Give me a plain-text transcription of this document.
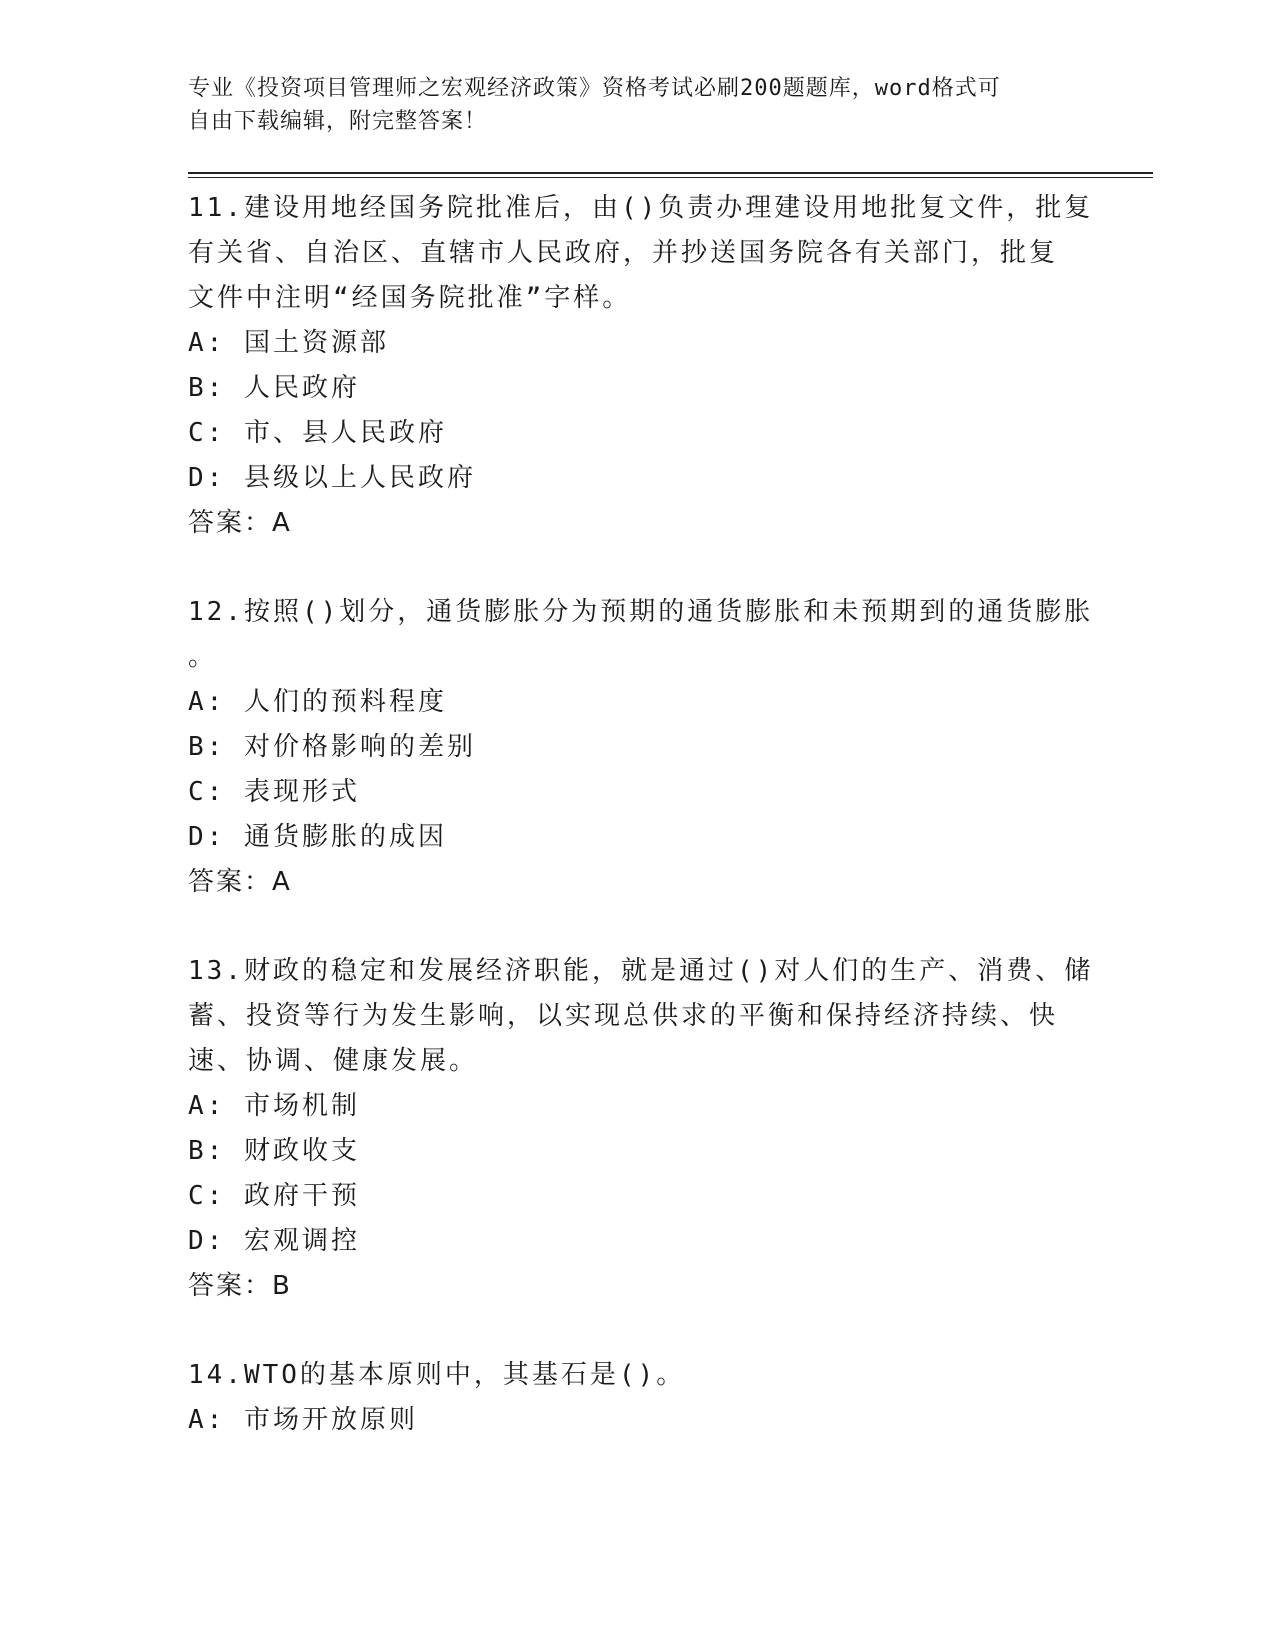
专业《投资项目管理师之宏观经济政策》资格考试必刷200题题库，word格式可

自由下载编辑，附完整答案！

11.建设用地经国务院批准后，由()负责办理建设用地批复文件，批复

有关省、自治区、直辖市人民政府，并抄送国务院各有关部门，批复

文件中注明“经国务院批准”字样。

A: 国土资源部

B: 人民政府

C: 市、县人民政府

D: 县级以上人民政府

答案：A

12.按照()划分，通货膨胀分为预期的通货膨胀和未预期到的通货膨胀

。

A: 人们的预料程度

B: 对价格影响的差别

C: 表现形式

D: 通货膨胀的成因

答案：A

13.财政的稳定和发展经济职能，就是通过()对人们的生产、消费、储

蓄、投资等行为发生影响，以实现总供求的平衡和保持经济持续、快

速、协调、健康发展。

A: 市场机制

B: 财政收支

C: 政府干预

D: 宏观调控

答案：B

14.WTO的基本原则中，其基石是()。

A: 市场开放原则
